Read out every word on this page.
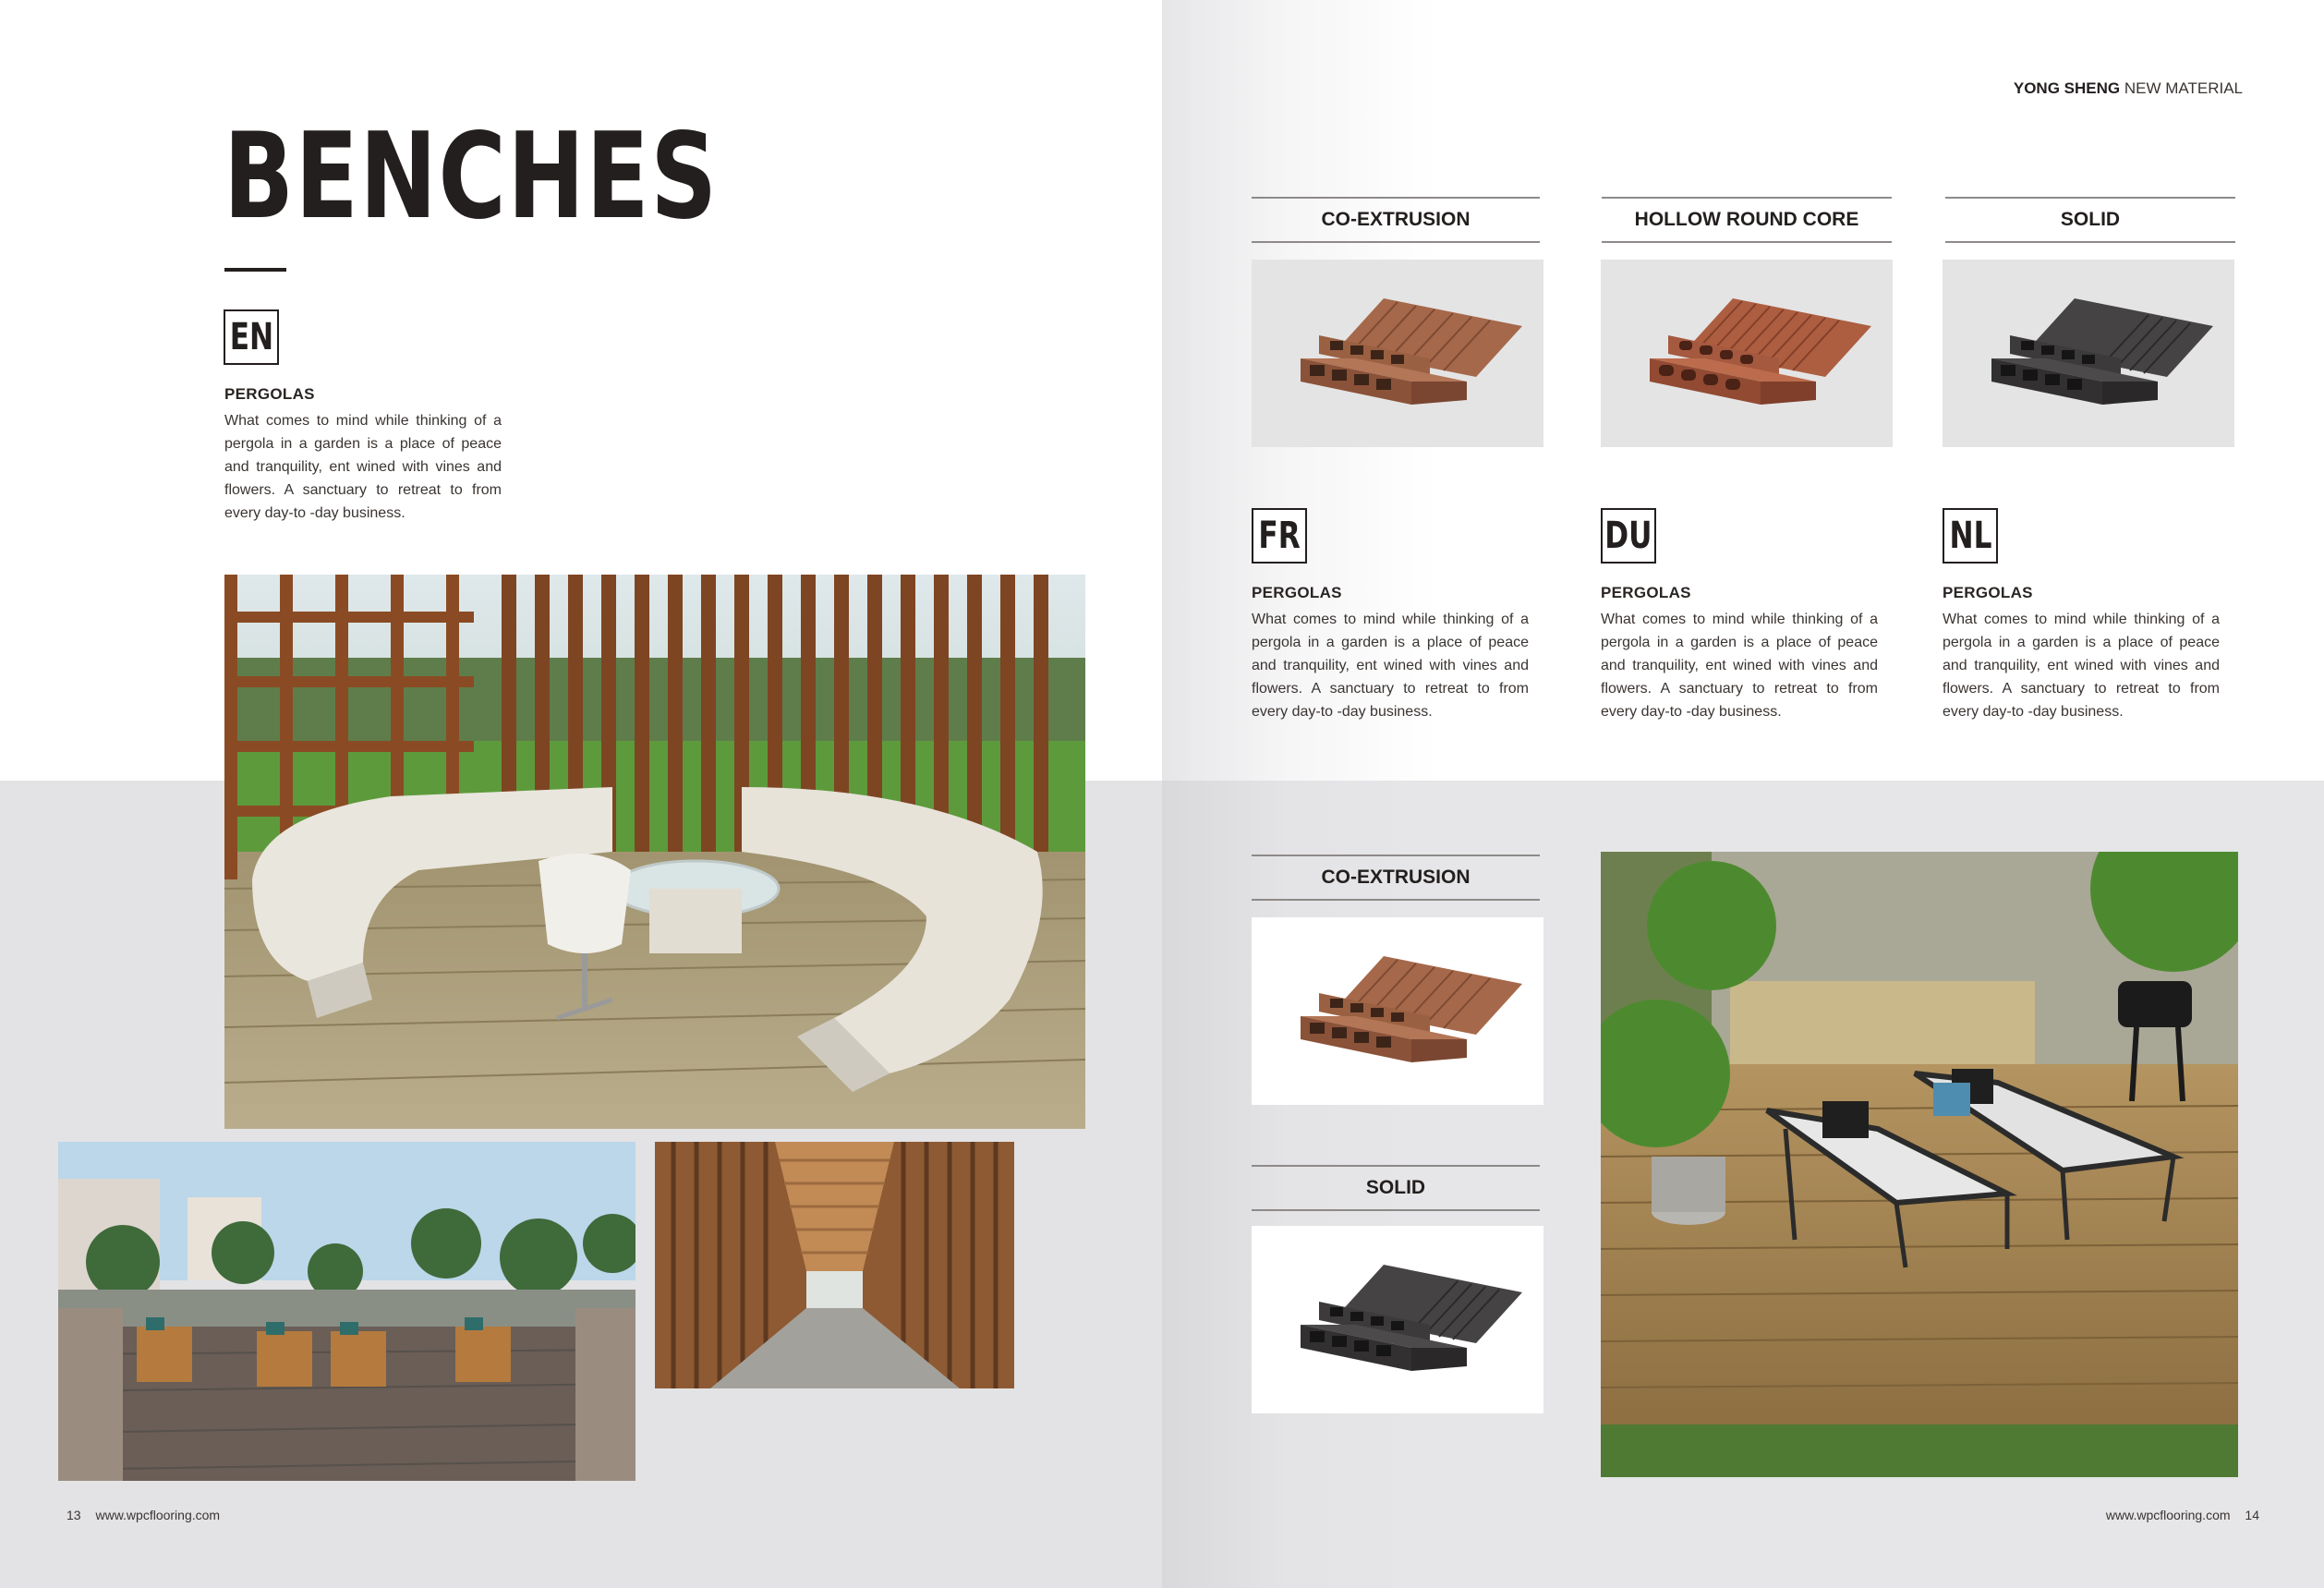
BENCHES
EN
PERGOLAS
What comes to mind while thinking of a pergola in a garden is a place of peace and tranquility, ent wined with vines and flowers. A sanctuary to retreat to from every day-to -day business.
13 www.wpcflooring.com
YONG SHENG NEW MATERIAL
CO-EXTRUSION	HOLLOW ROUND CORE	SOLID
FR
PERGOLAS
What comes to mind while thinking of a pergola in a garden is a place of peace and tranquility, ent wined with vines and flowers. A sanctuary to retreat to from every day-to -day business.
DU
PERGOLAS
What comes to mind while thinking of a pergola in a garden is a place of peace and tranquility, ent wined with vines and flowers. A sanctuary to retreat to from every day-to -day business.
NL
PERGOLAS
What comes to mind while thinking of a pergola in a garden is a place of peace and tranquility, ent wined with vines and flowers. A sanctuary to retreat to from every day-to -day business.
CO-EXTRUSION
SOLID
www.wpcflooring.com 14
